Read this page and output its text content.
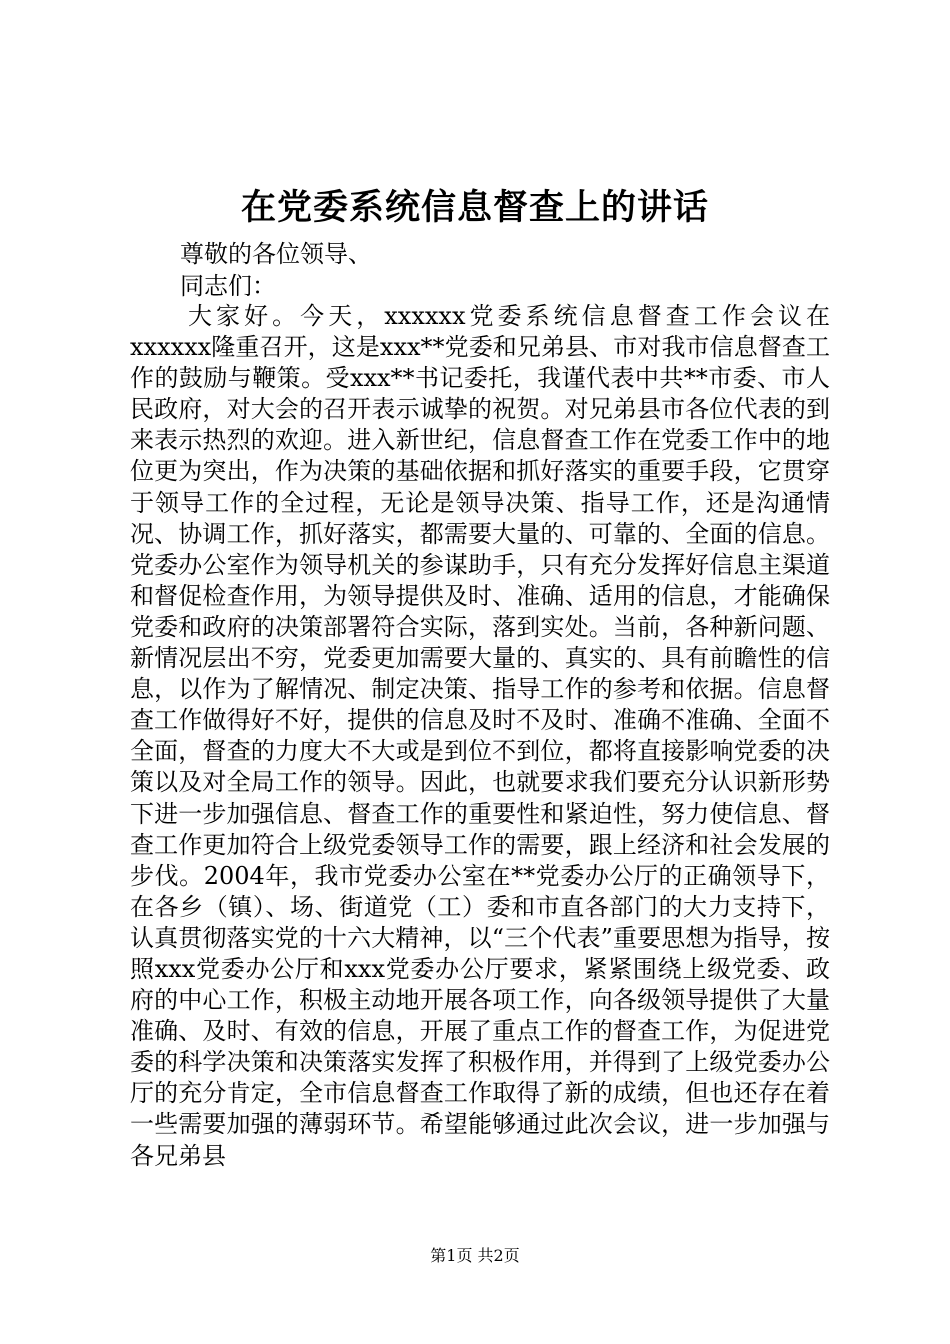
在党委系统信息督查上的讲话
尊敬的各位领导、
同志们：

大家好。今天，xxxxxx党委系统信息督查工作会议在xxxxxx隆重召开，这是xxx**党委和兄弟县、市对我市信息督查工作的鼓励与鞭策。受xxx**书记委托，我谨代表中共**市委、市人民政府，对大会的召开表示诚挚的祝贺。对兄弟县市各位代表的到来表示热烈的欢迎。进入新世纪，信息督查工作在党委工作中的地位更为突出，作为决策的基础依据和抓好落实的重要手段，它贯穿于领导工作的全过程，无论是领导决策、指导工作，还是沟通情况、协调工作，抓好落实，都需要大量的、可靠的、全面的信息。党委办公室作为领导机关的参谋助手，只有充分发挥好信息主渠道和督促检查作用，为领导提供及时、准确、适用的信息，才能确保党委和政府的决策部署符合实际，落到实处。当前，各种新问题、新情况层出不穷，党委更加需要大量的、真实的、具有前瞻性的信息，以作为了解情况、制定决策、指导工作的参考和依据。信息督查工作做得好不好，提供的信息及时不及时、准确不准确、全面不全面，督查的力度大不大或是到位不到位，都将直接影响党委的决策以及对全局工作的领导。因此，也就要求我们要充分认识新形势下进一步加强信息、督查工作的重要性和紧迫性，努力使信息、督查工作更加符合上级党委领导工作的需要，跟上经济和社会发展的步伐。2004年，我市党委办公室在**党委办公厅的正确领导下，在各乡（镇）、场、街道党（工）委和市直各部门的大力支持下，认真贯彻落实党的十六大精神，以“三个代表”重要思想为指导，按照xxx党委办公厅和xxx党委办公厅要求，紧紧围绕上级党委、政府的中心工作，积极主动地开展各项工作，向各级领导提供了大量准确、及时、有效的信息，开展了重点工作的督查工作，为促进党委的科学决策和决策落实发挥了积极作用，并得到了上级党委办公厅的充分肯定，全市信息督查工作取得了新的成绩，但也还存在着一些需要加强的薄弱环节。希望能够通过此次会议，进一步加强与各兄弟县

第1页 共2页
